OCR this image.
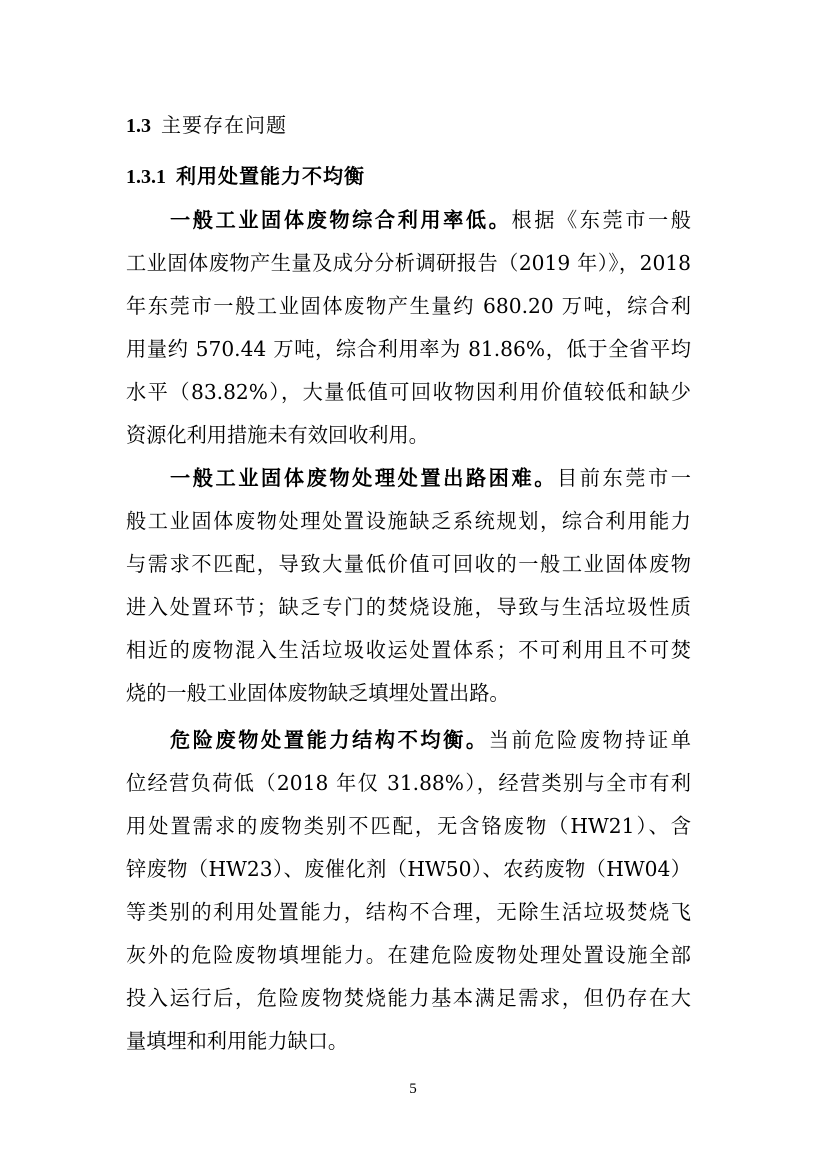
1.3 主要存在问题
1.3.1 利用处置能力不均衡
一般工业固体废物综合利用率低。根据《东莞市一般
工业固体废物产生量及成分分析调研报告（2019 年）》，2018
年东莞市一般工业固体废物产生量约 680.20 万吨，综合利
用量约 570.44 万吨，综合利用率为 81.86%，低于全省平均
水平（83.82%），大量低值可回收物因利用价值较低和缺少
资源化利用措施未有效回收利用。
一般工业固体废物处理处置出路困难。目前东莞市一
般工业固体废物处理处置设施缺乏系统规划，综合利用能力
与需求不匹配，导致大量低价值可回收的一般工业固体废物
进入处置环节；缺乏专门的焚烧设施，导致与生活垃圾性质
相近的废物混入生活垃圾收运处置体系；不可利用且不可焚
烧的一般工业固体废物缺乏填埋处置出路。
危险废物处置能力结构不均衡。当前危险废物持证单
位经营负荷低（2018 年仅 31.88%），经营类别与全市有利
用处置需求的废物类别不匹配，无含铬废物（HW21）、含
锌废物（HW23）、废催化剂（HW50）、农药废物（HW04）
等类别的利用处置能力，结构不合理，无除生活垃圾焚烧飞
灰外的危险废物填埋能力。在建危险废物处理处置设施全部
投入运行后，危险废物焚烧能力基本满足需求，但仍存在大
量填埋和利用能力缺口。
5
